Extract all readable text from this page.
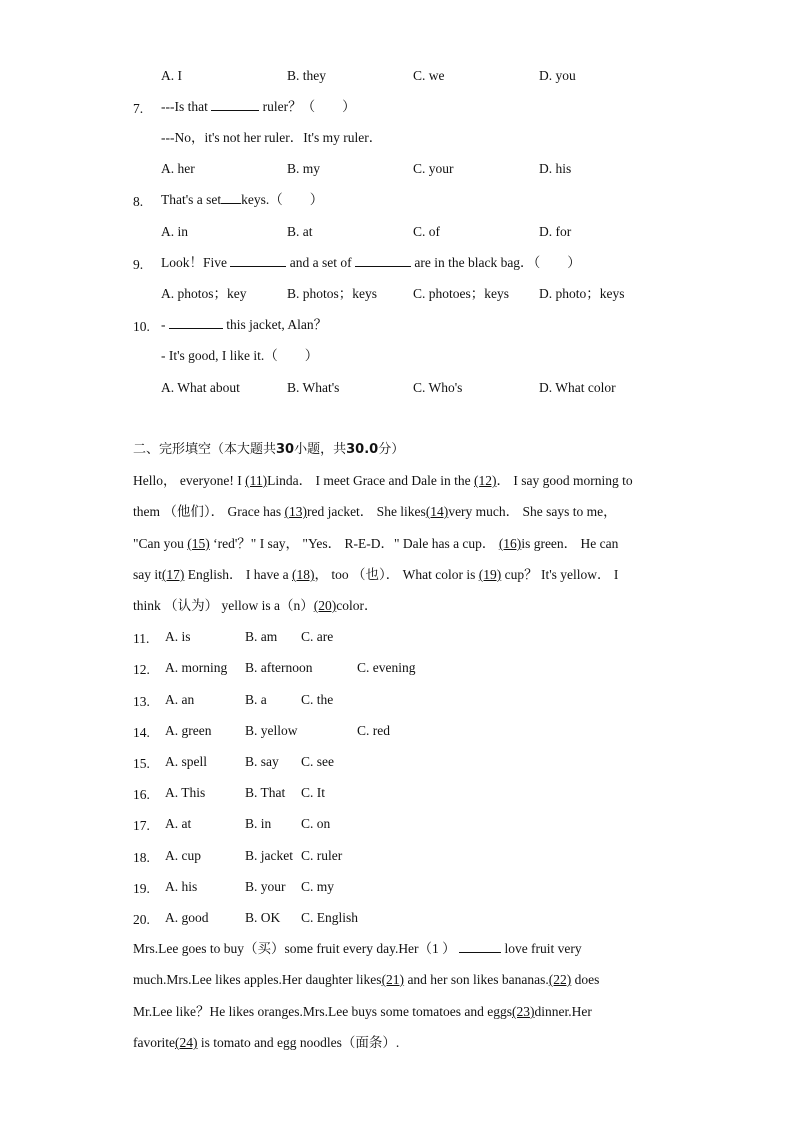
A. I	B. they	C. we	D. you
7. ---Is that	ruler？（　　）
---No，it's not her ruler．It's my ruler．
A. her	B. my	C. your	D. his
8. That's a set keys.（　　）
A. in	B. at	C. of	D. for
9. Look！Five	and a set of	are in the black bag．（　　）
A. photos；key	B. photos；keys	C. photoes；keys D. photo；keys
10. -	this jacket, Alan？
- It's good, I like it.（　　）
A. What about	B. What's	C. Who's	D. What color
二、完形填空（本大题共30小题，共30.0分）
Hello， everyone! I (11)Linda． I meet Grace and Dale in the (12)． I say good morning to
them （他们）． Grace has (13)red jacket． She likes(14)very much． She says to me，
"Can you (15) ‘red'？" I say， "Yes． R-E-D．" Dale has a cup． (16)is green． He can
say it(17) English． I have a (18)， too （也）． What color is (19) cup？ It's yellow． I
think （认为） yellow is a（n）(20)color．
11. A. is	B. am C. are
12. A. morning B. afternoon	C. evening
13. A. an	B. a	C. the
14. A. green B. yellow	C. red
15. A. spell	B. say C. see
16. A. This	B. That C. It
17. A. at	B. in C. on
18. A. cup	B. jacket C. ruler
19. A. his	B. your C. my
20. A. good	B. OK C. English
Mrs.Lee goes to buy（买）some fruit every day.Her（1 ）	love fruit very
much.Mrs.Lee likes apples.Her daughter likes(21) and her son likes bananas.(22) does
Mr.Lee like？He likes oranges.Mrs.Lee buys some tomatoes and eggs(23)dinner.Her
favorite(24) is tomato and egg noodles（面条）.
